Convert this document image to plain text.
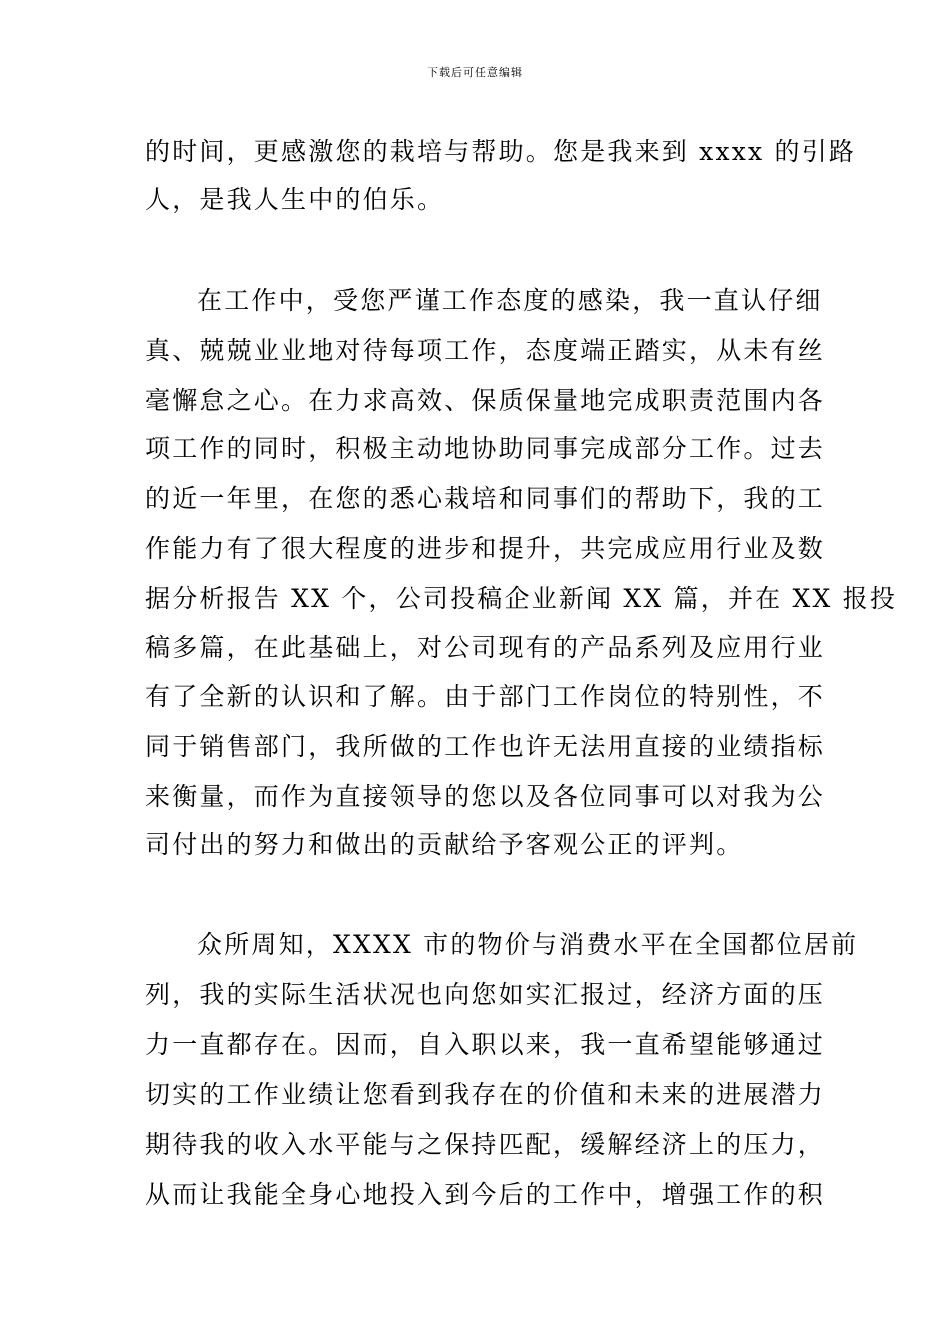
下载后可任意编辑
的时间，更感激您的栽培与帮助。您是我来到 xxxx 的引路
人，是我人生中的伯乐。
在工作中，受您严谨工作态度的感染，我一直认仔细
真、兢兢业业地对待每项工作，态度端正踏实，从未有丝
毫懈怠之心。在力求高效、保质保量地完成职责范围内各
项工作的同时，积极主动地协助同事完成部分工作。过去
的近一年里，在您的悉心栽培和同事们的帮助下，我的工
作能力有了很大程度的进步和提升，共完成应用行业及数
据分析报告 XX 个，公司投稿企业新闻 XX 篇，并在 XX 报投
稿多篇，在此基础上，对公司现有的产品系列及应用行业
有了全新的认识和了解。由于部门工作岗位的特别性，不
同于销售部门，我所做的工作也许无法用直接的业绩指标
来衡量，而作为直接领导的您以及各位同事可以对我为公
司付出的努力和做出的贡献给予客观公正的评判。
众所周知，XXXX 市的物价与消费水平在全国都位居前
列，我的实际生活状况也向您如实汇报过，经济方面的压
力一直都存在。因而，自入职以来，我一直希望能够通过
切实的工作业绩让您看到我存在的价值和未来的进展潜力
期待我的收入水平能与之保持匹配，缓解经济上的压力，
从而让我能全身心地投入到今后的工作中，增强工作的积
